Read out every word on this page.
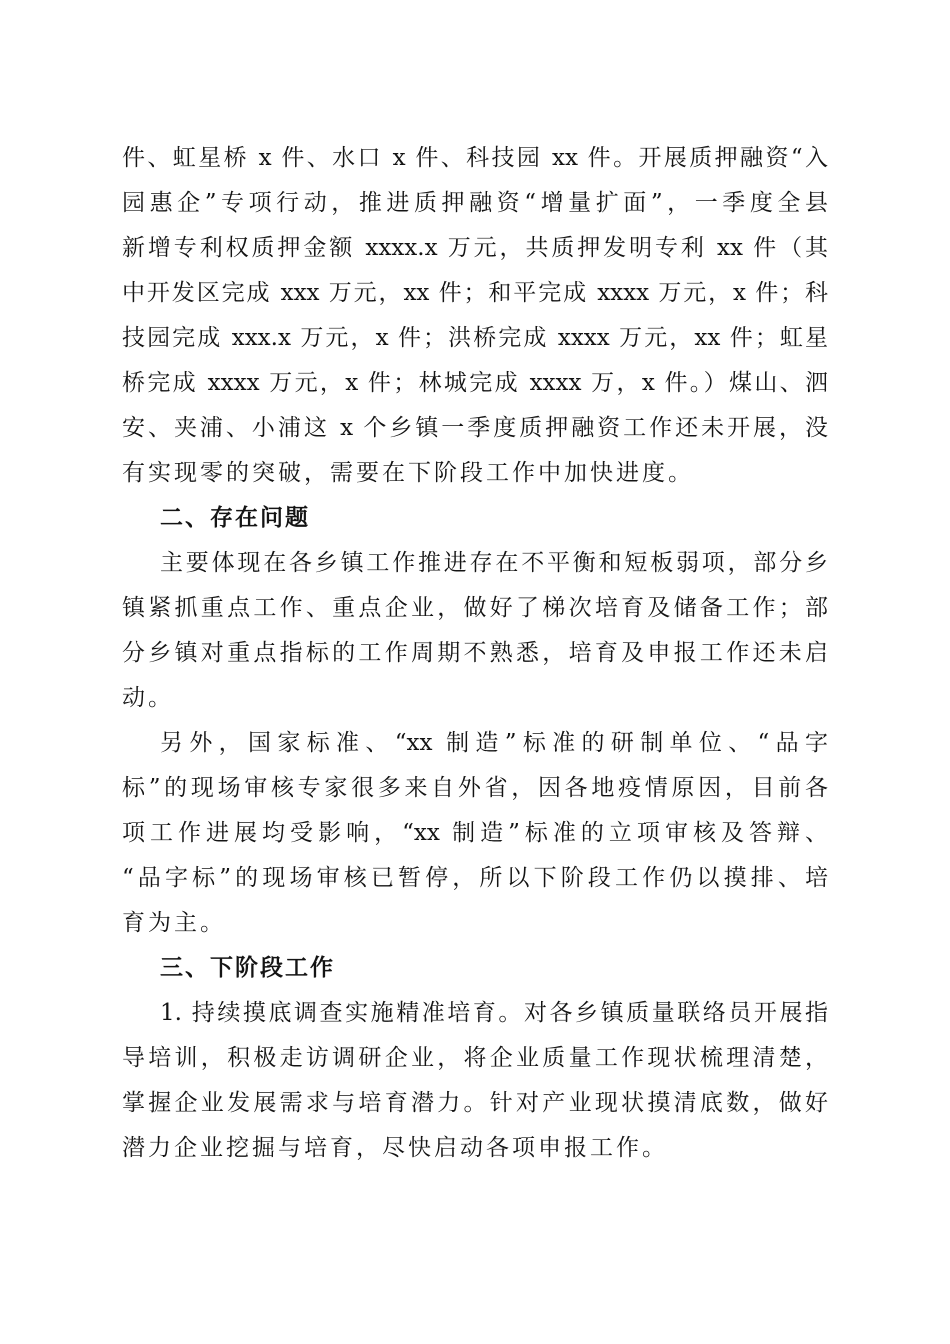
件、虹星桥 x 件、水口 x 件、科技园 xx 件。开展质押融资“入
园惠企”专项行动，推进质押融资“增量扩面”，一季度全县
新增专利权质押金额 xxxx.x 万元，共质押发明专利 xx 件（其
中开发区完成 xxx 万元，xx 件；和平完成 xxxx 万元，x 件；科
技园完成 xxx.x 万元，x 件；洪桥完成 xxxx 万元，xx 件；虹星
桥完成 xxxx 万元，x 件；林城完成 xxxx 万，x 件。）煤山、泗
安、夹浦、小浦这 x 个乡镇一季度质押融资工作还未开展，没
有实现零的突破，需要在下阶段工作中加快进度。
二、存在问题
主要体现在各乡镇工作推进存在不平衡和短板弱项，部分乡
镇紧抓重点工作、重点企业，做好了梯次培育及储备工作；部
分乡镇对重点指标的工作周期不熟悉，培育及申报工作还未启
动。
另外，国家标准、“xx 制造”标准的研制单位、“品字
标”的现场审核专家很多来自外省，因各地疫情原因，目前各
项工作进展均受影响，“xx 制造”标准的立项审核及答辩、
“品字标”的现场审核已暂停，所以下阶段工作仍以摸排、培
育为主。
三、下阶段工作
1. 持续摸底调查实施精准培育。对各乡镇质量联络员开展指
导培训，积极走访调研企业，将企业质量工作现状梳理清楚，
掌握企业发展需求与培育潜力。针对产业现状摸清底数，做好
潜力企业挖掘与培育，尽快启动各项申报工作。
